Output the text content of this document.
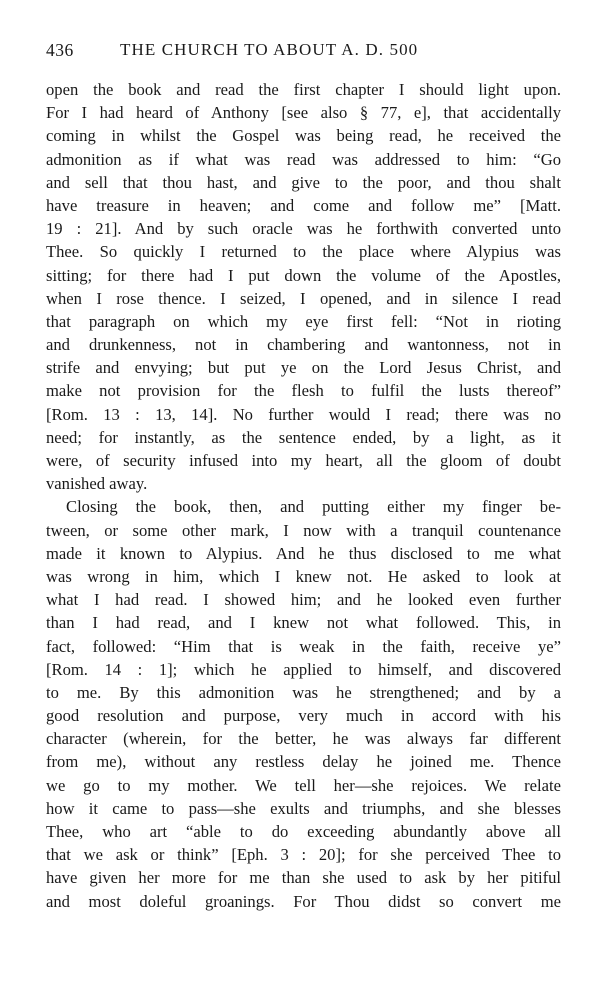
436	THE CHURCH TO ABOUT A. D. 500
open the book and read the first chapter I should light upon.
For I had heard of Anthony [see also § 77, e], that accidentally
coming in whilst the Gospel was being read, he received the
admonition as if what was read was addressed to him: “Go
and sell that thou hast, and give to the poor, and thou shalt
have treasure in heaven; and come and follow me” [Matt.
19 : 21]. And by such oracle was he forthwith converted unto
Thee. So quickly I returned to the place where Alypius was
sitting; for there had I put down the volume of the Apostles,
when I rose thence. I seized, I opened, and in silence I read
that paragraph on which my eye first fell: “Not in rioting
and drunkenness, not in chambering and wantonness, not in
strife and envying; but put ye on the Lord Jesus Christ, and
make not provision for the flesh to fulfil the lusts thereof”
[Rom. 13 : 13, 14]. No further would I read; there was no
need; for instantly, as the sentence ended, by a light, as it
were, of security infused into my heart, all the gloom of doubt
vanished away.
Closing the book, then, and putting either my finger be-
tween, or some other mark, I now with a tranquil countenance
made it known to Alypius. And he thus disclosed to me what
was wrong in him, which I knew not. He asked to look at
what I had read. I showed him; and he looked even further
than I had read, and I knew not what followed. This, in
fact, followed: “Him that is weak in the faith, receive ye”
[Rom. 14 : 1]; which he applied to himself, and discovered
to me. By this admonition was he strengthened; and by a
good resolution and purpose, very much in accord with his
character (wherein, for the better, he was always far different
from me), without any restless delay he joined me. Thence
we go to my mother. We tell her—she rejoices. We relate
how it came to pass—she exults and triumphs, and she blesses
Thee, who art “able to do exceeding abundantly above all
that we ask or think” [Eph. 3 : 20]; for she perceived Thee to
have given her more for me than she used to ask by her pitiful
and most doleful groanings. For Thou didst so convert me
